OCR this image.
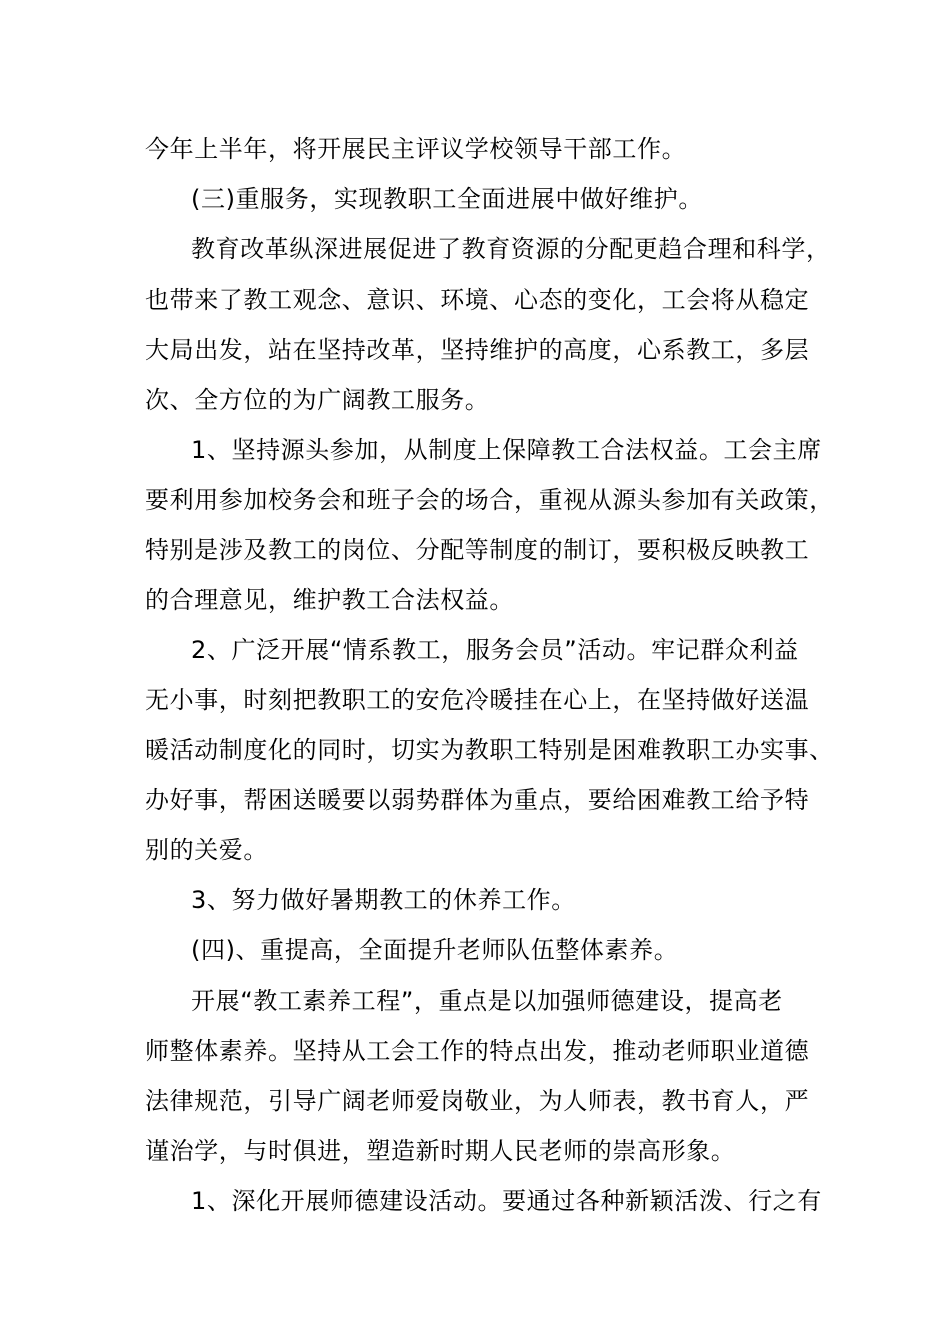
今年上半年，将开展民主评议学校领导干部工作。

(三)重服务，实现教职工全面进展中做好维护。

教育改革纵深进展促进了教育资源的分配更趋合理和科学，

也带来了教工观念、意识、环境、心态的变化，工会将从稳定

大局出发，站在坚持改革，坚持维护的高度，心系教工，多层

次、全方位的为广阔教工服务。

1、坚持源头参加，从制度上保障教工合法权益。工会主席

要利用参加校务会和班子会的场合，重视从源头参加有关政策，

特别是涉及教工的岗位、分配等制度的制订，要积极反映教工

的合理意见，维护教工合法权益。

2、广泛开展“情系教工，服务会员”活动。牢记群众利益

无小事，时刻把教职工的安危冷暖挂在心上，在坚持做好送温

暖活动制度化的同时，切实为教职工特别是困难教职工办实事、

办好事，帮困送暖要以弱势群体为重点，要给困难教工给予特

别的关爱。

3、努力做好暑期教工的休养工作。

(四)、重提高，全面提升老师队伍整体素养。

开展“教工素养工程”，重点是以加强师德建设，提高老

师整体素养。坚持从工会工作的特点出发，推动老师职业道德

法律规范，引导广阔老师爱岗敬业，为人师表，教书育人，严

谨治学，与时俱进，塑造新时期人民老师的崇高形象。

1、深化开展师德建设活动。要通过各种新颖活泼、行之有
